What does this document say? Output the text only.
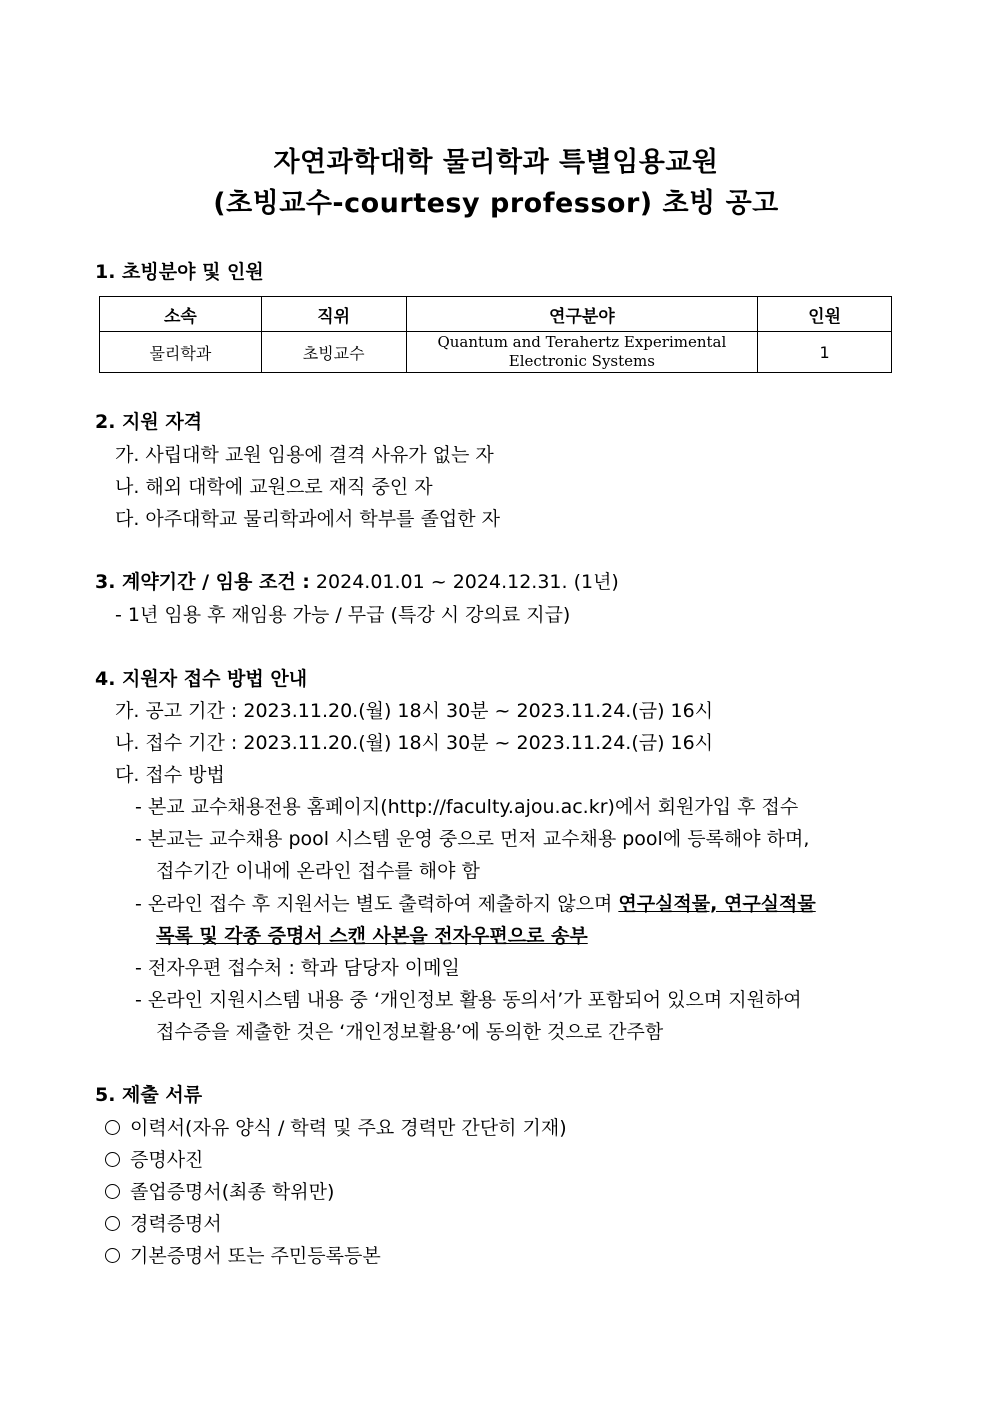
자연과학대학 물리학과 특별임용교원
(초빙교수-courtesy professor) 초빙 공고
1. 초빙분야 및 인원
소속	직위	연구분야	인원
물리학과	초빙교수	Quantum and Terahertz Experimental
Electronic Systems	1
2. 지원 자격
가. 사립대학 교원 임용에 결격 사유가 없는 자
나. 해외 대학에 교원으로 재직 중인 자
다. 아주대학교 물리학과에서 학부를 졸업한 자
3. 계약기간 / 임용 조건 : 2024.01.01 ~ 2024.12.31. (1년)
- 1년 임용 후 재임용 가능 / 무급 (특강 시 강의료 지급)
4. 지원자 접수 방법 안내
가. 공고 기간 : 2023.11.20.(월) 18시 30분 ~ 2023.11.24.(금) 16시
나. 접수 기간 : 2023.11.20.(월) 18시 30분 ~ 2023.11.24.(금) 16시
다. 접수 방법
- 본교 교수채용전용 홈페이지(http://faculty.ajou.ac.kr)에서 회원가입 후 접수
- 본교는 교수채용 pool 시스템 운영 중으로 먼저 교수채용 pool에 등록해야 하며,
접수기간 이내에 온라인 접수를 해야 함
- 온라인 접수 후 지원서는 별도 출력하여 제출하지 않으며 연구실적물, 연구실적물
목록 및 각종 증명서 스캔 사본을 전자우편으로 송부
- 전자우편 접수처 : 학과 담당자 이메일
- 온라인 지원시스템 내용 중 ‘개인정보 활용 동의서’가 포함되어 있으며 지원하여
접수증을 제출한 것은 ‘개인정보활용’에 동의한 것으로 간주함
5. 제출 서류
이력서(자유 양식 / 학력 및 주요 경력만 간단히 기재)
증명사진
졸업증명서(최종 학위만)
경력증명서
기본증명서 또는 주민등록등본
